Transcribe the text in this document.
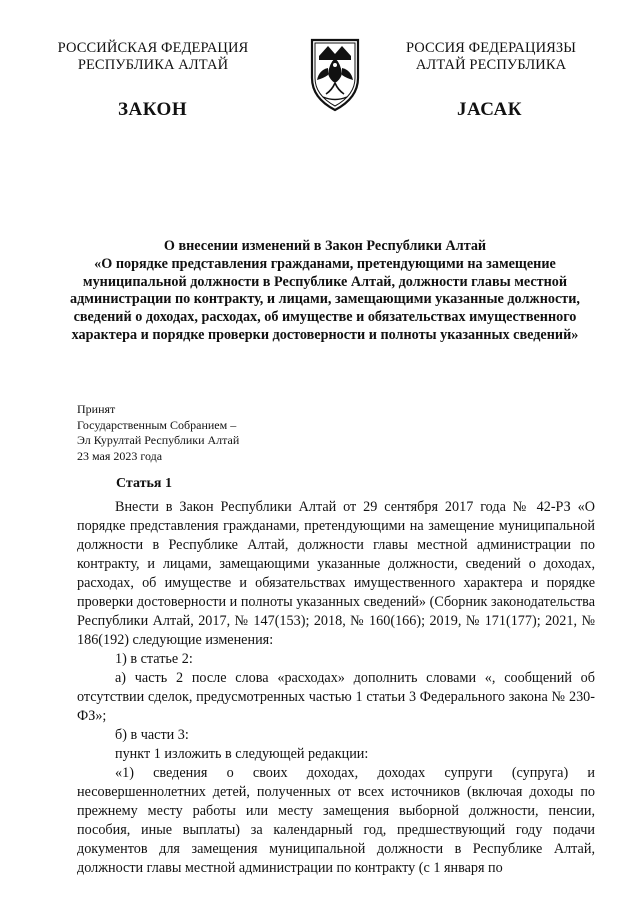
РОССИЙСКАЯ ФЕДЕРАЦИЯ
РЕСПУБЛИКА АЛТАЙ
РОССИЯ ФЕДЕРАЦИЯЗЫ
АЛТАЙ РЕСПУБЛИКА
ЗАКОН	ЈАСАК
О внесении изменений в Закон Республики Алтай
«О порядке представления гражданами, претендующими на замещение муниципальной должности в Республике Алтай, должности главы местной администрации по контракту, и лицами, замещающими указанные должности, сведений о доходах, расходах, об имуществе и обязательствах имущественного характера и порядке проверки достоверности и полноты указанных сведений»
Принят
Государственным Собранием –
Эл Курултай Республики Алтай
23 мая 2023 года
Статья 1

Внести в Закон Республики Алтай от 29 сентября 2017 года № 42-РЗ «О порядке представления гражданами, претендующими на замещение муниципальной должности в Республике Алтай, должности главы местной администрации по контракту, и лицами, замещающими указанные должности, сведений о доходах, расходах, об имуществе и обязательствах имущественного характера и порядке проверки достоверности и полноты указанных сведений» (Сборник законодательства Республики Алтай, 2017, № 147(153); 2018, № 160(166); 2019, № 171(177); 2021, № 186(192) следующие изменения:

1) в статье 2:

а) часть 2 после слова «расходах» дополнить словами «, сообщений об отсутствии сделок, предусмотренных частью 1 статьи 3 Федерального закона № 230-ФЗ»;

б) в части 3:

пункт 1 изложить в следующей редакции:

«1) сведения о своих доходах, доходах супруги (супруга) и несовершеннолетних детей, полученных от всех источников (включая доходы по прежнему месту работы или месту замещения выборной должности, пенсии, пособия, иные выплаты) за календарный год, предшествующий году подачи документов для замещения муниципальной должности в Республике Алтай, должности главы местной администрации по контракту (с 1 января по
